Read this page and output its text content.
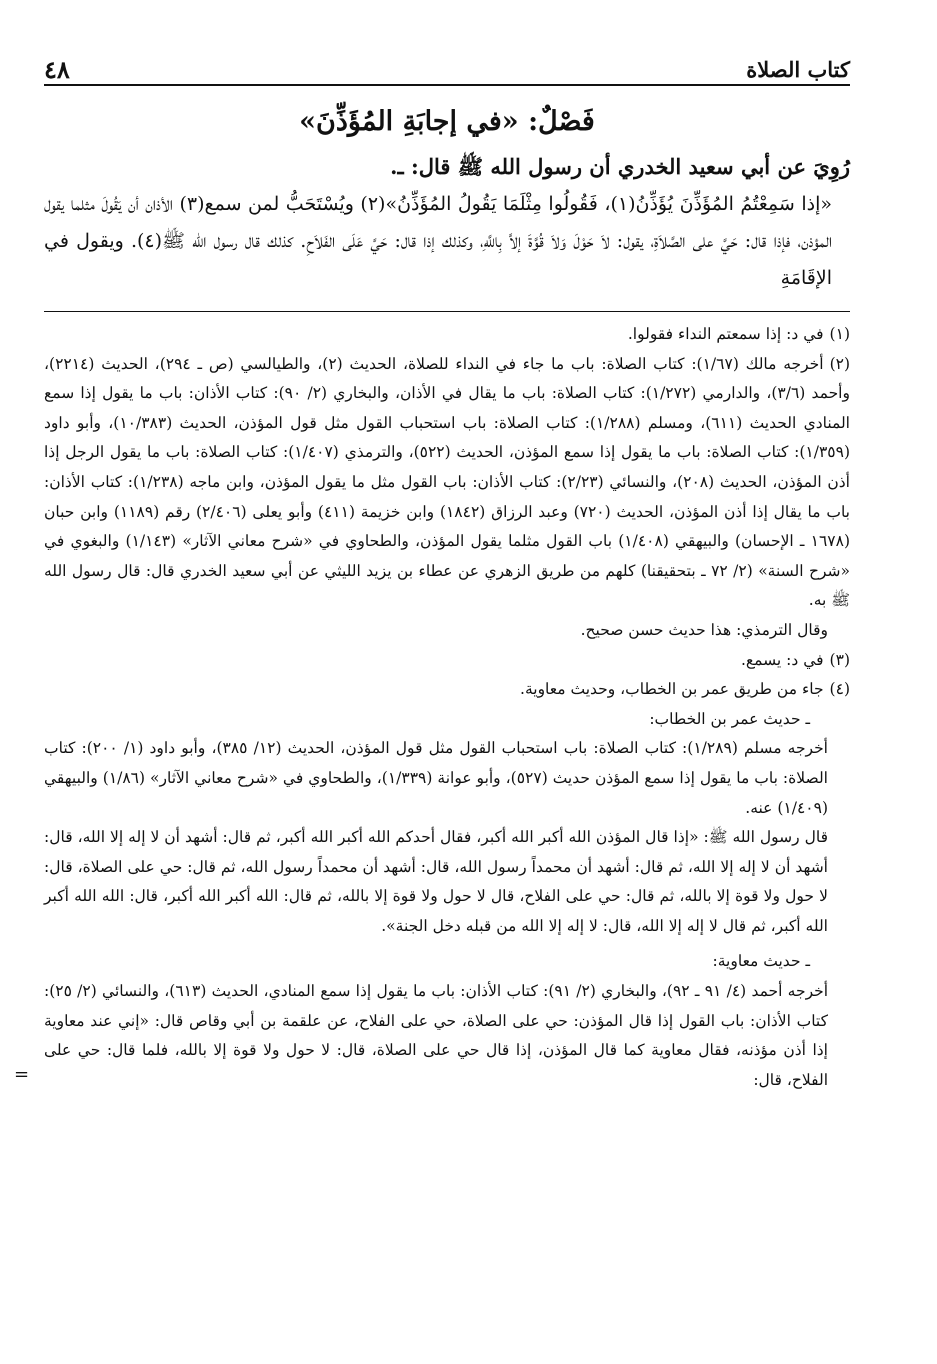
كتاب الصلاة
٤٨
فَصْلٌ: «في إجابَةِ المُؤَذِّنَ»
رُوِيَ عن أبي سعيد الخدري أن رسول الله ﷺ قال: ـ.

«إذا سَمِعْتُمُ المُؤَذِّنَ يُؤَذِّنُ(١)، فَقُولُوا مِثْلَمَا يَقُولُ المُؤَذِّنُ»(٢) ويُسْتَحَبُّ لمن سمع(٣) الأذان أن يَقُولَ مثلما يقول المؤذن، فإذا قال: حَيَّ على الصَّلاَةِ، يقول: لاَ حَوْلَ وَلاَ قُوَّةَ إلاَّ بِاللَّهِ، وكذلك إذا قال: حَيَّ عَلَى الفَلاَحِ. كذلك قال رسول الله ﷺ(٤). ويقول في الإقَامَةِ

(١)في د: إذا سمعتم النداء فقولوا.

(٢)أخرجه مالك (١/٦٧): كتاب الصلاة: باب ما جاء في النداء للصلاة، الحديث (٢)، والطيالسي (ص ـ ٢٩٤)، الحديث (٢٢١٤)، وأحمد (٣/٦)، والدارمي (١/٢٧٢): كتاب الصلاة: باب ما يقال في الأذان، والبخاري (٢/ ٩٠): كتاب الأذان: باب ما يقول إذا سمع المنادي الحديث (٦١١)، ومسلم (١/٢٨٨): كتاب الصلاة: باب استحباب القول مثل قول المؤذن، الحديث (١٠/٣٨٣)، وأبو داود (١/٣٥٩): كتاب الصلاة: باب ما يقول إذا سمع المؤذن، الحديث (٥٢٢)، والترمذي (١/٤٠٧): كتاب الصلاة: باب ما يقول الرجل إذا أذن المؤذن، الحديث (٢٠٨)، والنسائي (٢/٢٣): كتاب الأذان: باب القول مثل ما يقول المؤذن، وابن ماجه (١/٢٣٨): كتاب الأذان: باب ما يقال إذا أذن المؤذن، الحديث (٧٢٠) وعبد الرزاق (١٨٤٢) وابن خزيمة (٤١١) وأبو يعلى (٢/٤٠٦) رقم (١١٨٩) وابن حبان (١٦٧٨ ـ الإحسان) والبيهقي (١/٤٠٨) باب القول مثلما يقول المؤذن، والطحاوي في «شرح معاني الآثار» (١/١٤٣) والبغوي في «شرح السنة» (٢/ ٧٢ ـ بتحقيقنا) كلهم من طريق الزهري عن عطاء بن يزيد الليثي عن أبي سعيد الخدري قال: قال رسول الله ﷺ به.

وقال الترمذي: هذا حديث حسن صحيح.

(٣)في د: يسمع.

(٤)جاء من طريق عمر بن الخطاب، وحديث معاوية.

ـ حديث عمر بن الخطاب:

أخرجه مسلم (١/٢٨٩): كتاب الصلاة: باب استحباب القول مثل قول المؤذن، الحديث (١٢/ ٣٨٥)، وأبو داود (١/ ٢٠٠): كتاب الصلاة: باب ما يقول إذا سمع المؤذن حديث (٥٢٧)، وأبو عوانة (١/٣٣٩)، والطحاوي في «شرح معاني الآثار» (١/٨٦) والبيهقي (١/٤٠٩) عنه.

قال رسول الله ﷺ: «إذا قال المؤذن الله أكبر الله أكبر، فقال أحدكم الله أكبر الله أكبر، ثم قال: أشهد أن لا إله إلا الله، قال: أشهد أن لا إله إلا الله، ثم قال: أشهد أن محمداً رسول الله، قال: أشهد أن محمداً رسول الله، ثم قال: حي على الصلاة، قال: لا حول ولا قوة إلا بالله، ثم قال: حي على الفلاح، قال لا حول ولا قوة إلا بالله، ثم قال: الله أكبر الله أكبر، قال: الله الله أكبر الله أكبر، ثم قال لا إله إلا الله، قال: لا إله إلا الله من قبله دخل الجنة».

ـ حديث معاوية:

أخرجه أحمد (٤/ ٩١ ـ ٩٢)، والبخاري (٢/ ٩١): كتاب الأذان: باب ما يقول إذا سمع المنادي، الحديث (٦١٣)، والنسائي (٢/ ٢٥): كتاب الأذان: باب القول إذا قال المؤذن: حي على الصلاة، حي على الفلاح، عن علقمة بن أبي وقاص قال: «إني عند معاوية إذا أذن مؤذنه، فقال معاوية كما قال المؤذن، إذا قال حي على الصلاة، قال: لا حول ولا قوة إلا بالله، فلما قال: حي على الفلاح، قال:

=
